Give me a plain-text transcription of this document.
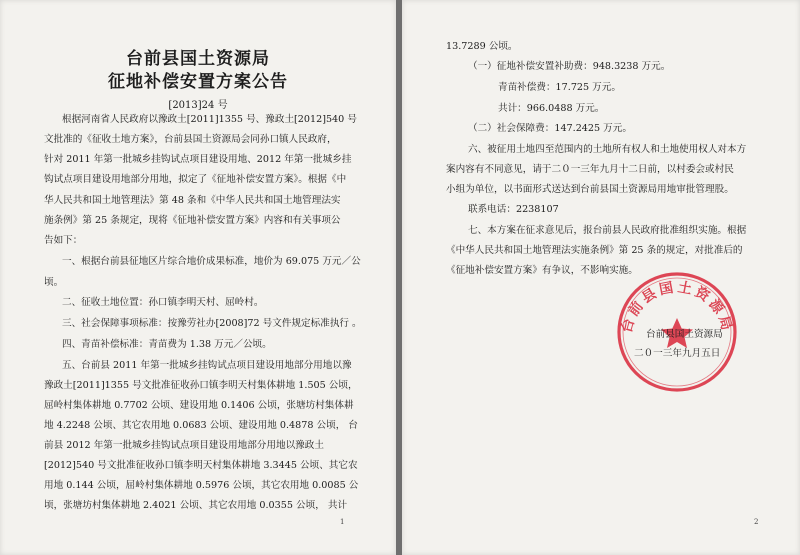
台前县国土资源局
征地补偿安置方案公告
[2013]24 号
根据河南省人民政府以豫政土[2011]1355 号、豫政土[2012]540 号
文批准的《征收土地方案》，台前县国土资源局会同孙口镇人民政府，
针对 2011 年第一批城乡挂钩试点项目建设用地、2012 年第一批城乡挂
钩试点项目建设用地部分用地，拟定了《征地补偿安置方案》。根据《中
华人民共和国土地管理法》第 48 条和《中华人民共和国土地管理法实
施条例》第 25 条规定，现将《征地补偿安置方案》内容和有关事项公
告如下：
一、根据台前县征地区片综合地价成果标准，地价为 69.075 万元／公
顷。
二、征收土地位置：孙口镇李明天村、屈岭村。
三、社会保障事项标准：按豫劳社办[2008]72 号文件规定标准执行 。
四、青苗补偿标准：青苗费为 1.38 万元／公顷。
五、台前县 2011 年第一批城乡挂钩试点项目建设用地部分用地以豫
豫政土[2011]1355 号文批准征收孙口镇李明天村集体耕地 1.505 公顷，
屈岭村集体耕地 0.7702 公顷、建设用地 0.1406 公顷，张塘坊村集体耕
地 4.2248 公顷、其它农用地 0.0683 公顷、建设用地 0.4878 公顷， 台
前县 2012 年第一批城乡挂钩试点项目建设用地部分用地以豫政土
[2012]540 号文批准征收孙口镇李明天村集体耕地 3.3445 公顷、其它农
用地 0.144 公顷，屈岭村集体耕地 0.5976 公顷，其它农用地 0.0085 公
顷，张塘坊村集体耕地 2.4021 公顷、其它农用地 0.0355 公顷， 共计
1
13.7289 公顷。
（一）征地补偿安置补助费：948.3238 万元。
青苗补偿费：17.725 万元。
共计：966.0488 万元。
（二）社会保障费：147.2425 万元。
六、被征用土地四至范围内的土地所有权人和土地使用权人对本方
案内容有不同意见，请于二０一三年九月十二日前，以村委会或村民
小组为单位，以书面形式送达到台前县国土资源局用地审批管理股。
联系电话：2238107
七、本方案在征求意见后，报台前县人民政府批准组织实施。根据
《中华人民共和国土地管理法实施条例》第 25 条的规定，对批准后的
《征地补偿安置方案》有争议，不影响实施。
台前县国土资源局
台前县国土资源局
二０一三年九月五日
2
